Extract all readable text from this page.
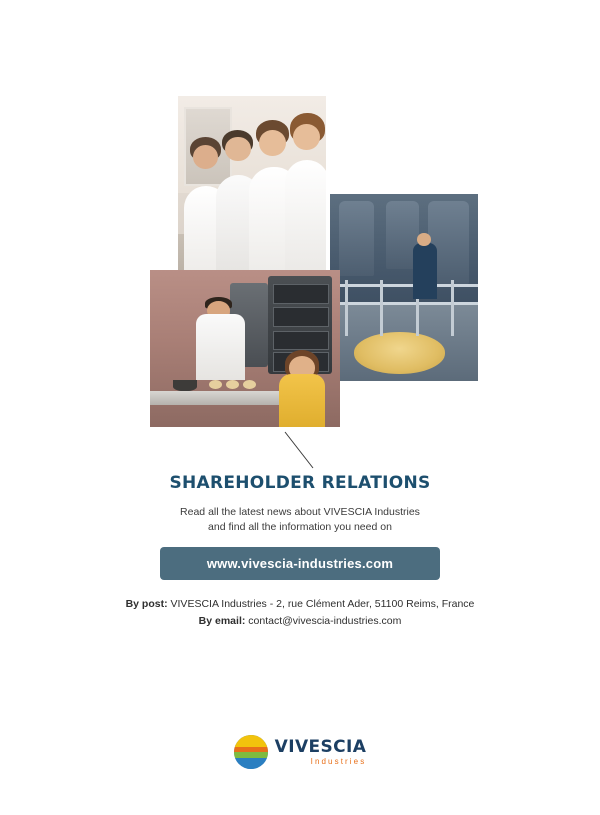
SHAREHOLDER RELATIONS

Read all the latest news about VIVESCIA Industries
and find all the information you need on

www.vivescia-industries.com
By post: VIVESCIA Industries - 2, rue Clément Ader, 51100 Reims, France
By email: contact@vivescia-industries.com
VIVESCIA
Industries
